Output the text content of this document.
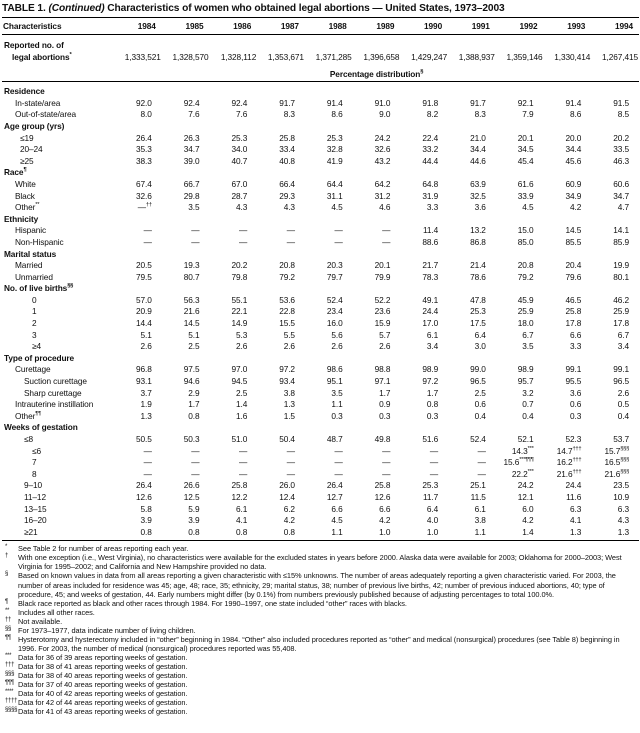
TABLE 1. (Continued) Characteristics of women who obtained legal abortions — United States, 1973–2003
Characteristics	1984	1985	1986	1987	1988	1989	1990	1991	1992	1993	1994

Reported no. of
legal abortions*	1,333,521	1,328,570	1,328,112	1,353,671	1,371,285	1,396,658	1,429,247	1,388,937	1,359,146	1,330,414	1,267,415
	Percentage distribution§
Residence											
In-state/area	92.0	92.4	92.4	91.7	91.4	91.0	91.8	91.7	92.1	91.4	91.5
Out-of-state/area	8.0	7.6	7.6	8.3	8.6	9.0	8.2	8.3	7.9	8.6	8.5
Age group (yrs)											
≤19	26.4	26.3	25.3	25.8	25.3	24.2	22.4	21.0	20.1	20.0	20.2
20–24	35.3	34.7	34.0	33.4	32.8	32.6	33.2	34.4	34.5	34.4	33.5
≥25	38.3	39.0	40.7	40.8	41.9	43.2	44.4	44.6	45.4	45.6	46.3
Race¶											
White	67.4	66.7	67.0	66.4	64.4	64.2	64.8	63.9	61.6	60.9	60.6
Black	32.6	29.8	28.7	29.3	31.1	31.2	31.9	32.5	33.9	34.9	34.7
Other**	—††	3.5	4.3	4.3	4.5	4.6	3.3	3.6	4.5	4.2	4.7
Ethnicity											
Hispanic	—	—	—	—	—	—	11.4	13.2	15.0	14.5	14.1
Non-Hispanic	—	—	—	—	—	—	88.6	86.8	85.0	85.5	85.9
Marital status											
Married	20.5	19.3	20.2	20.8	20.3	20.1	21.7	21.4	20.8	20.4	19.9
Unmarried	79.5	80.7	79.8	79.2	79.7	79.9	78.3	78.6	79.2	79.6	80.1
No. of live births§§											
0	57.0	56.3	55.1	53.6	52.4	52.2	49.1	47.8	45.9	46.5	46.2
1	20.9	21.6	22.1	22.8	23.4	23.6	24.4	25.3	25.9	25.8	25.9
2	14.4	14.5	14.9	15.5	16.0	15.9	17.0	17.5	18.0	17.8	17.8
3	5.1	5.1	5.3	5.5	5.6	5.7	6.1	6.4	6.7	6.6	6.7
≥4	2.6	2.5	2.6	2.6	2.6	2.6	3.4	3.0	3.5	3.3	3.4
Type of procedure											
Curettage	96.8	97.5	97.0	97.2	98.6	98.8	98.9	99.0	98.9	99.1	99.1
Suction curettage	93.1	94.6	94.5	93.4	95.1	97.1	97.2	96.5	95.7	95.5	96.5
Sharp curettage	3.7	2.9	2.5	3.8	3.5	1.7	1.7	2.5	3.2	3.6	2.6
Intrauterine instillation	1.9	1.7	1.4	1.3	1.1	0.9	0.8	0.6	0.7	0.6	0.5
Other¶¶	1.3	0.8	1.6	1.5	0.3	0.3	0.3	0.4	0.4	0.3	0.4
Weeks of gestation											
≤8	50.5	50.3	51.0	50.4	48.7	49.8	51.6	52.4	52.1	52.3	53.7
≤6	—	—	—	—	—	—	—	—	14.3***	14.7†††	15.7§§§
7	—	—	—	—	—	—	—	—	15.6***¶¶¶	16.2†††	16.5§§§
8	—	—	—	—	—	—	—	—	22.2***	21.6†††	21.6§§§
9–10	26.4	26.6	25.8	26.0	26.4	25.8	25.3	25.1	24.2	24.4	23.5
11–12	12.6	12.5	12.2	12.4	12.7	12.6	11.7	11.5	12.1	11.6	10.9
13–15	5.8	5.9	6.1	6.2	6.6	6.6	6.4	6.1	6.0	6.3	6.3
16–20	3.9	3.9	4.1	4.2	4.5	4.2	4.0	3.8	4.2	4.1	4.3
≥21	0.8	0.8	0.8	0.8	1.1	1.0	1.0	1.1	1.4	1.3	1.3
* See Table 2 for number of areas reporting each year.
† With one exception (i.e., West Virginia), no characteristics were available for the excluded states in years before 2000. Alaska data were available for 2003; Oklahoma for 2000–2003; West Virginia for 1995–2002; and California and New Hampshire provided no data.
§ Based on known values in data from all areas reporting a given characteristic with ≤15% unknowns. The number of areas adequately reporting a given characteristic varied. For 2003, the number of areas included for residence was 45; age, 48; race, 35; ethnicity, 29; marital status, 38; number of previous live births, 42; number of previous induced abortions, 40; type of procedure, 45; and weeks of gestation, 44. Early numbers might differ (by 0.1%) from numbers previously published because of adjusting percentages to total 100.0%.
¶ Black race reported as black and other races through 1984. For 1990–1997, one state included “other” races with blacks.
** Includes all other races.
†† Not available.
§§ For 1973–1977, data indicate number of living children.
¶¶ Hysterotomy and hysterectomy included in “other” beginning in 1984. “Other” also included procedures reported as “other” and medical (nonsurgical) procedures (see Table 8) beginning in 1996. For 2003, the number of medical (nonsurgical) procedures reported was 55,408.
*** Data for 36 of 39 areas reporting weeks of gestation.
††† Data for 38 of 41 areas reporting weeks of gestation.
§§§ Data for 38 of 40 areas reporting weeks of gestation.
¶¶¶ Data for 37 of 40 areas reporting weeks of gestation.
**** Data for 40 of 42 areas reporting weeks of gestation.
†††† Data for 42 of 44 areas reporting weeks of gestation.
§§§§ Data for 41 of 43 areas reporting weeks of gestation.
